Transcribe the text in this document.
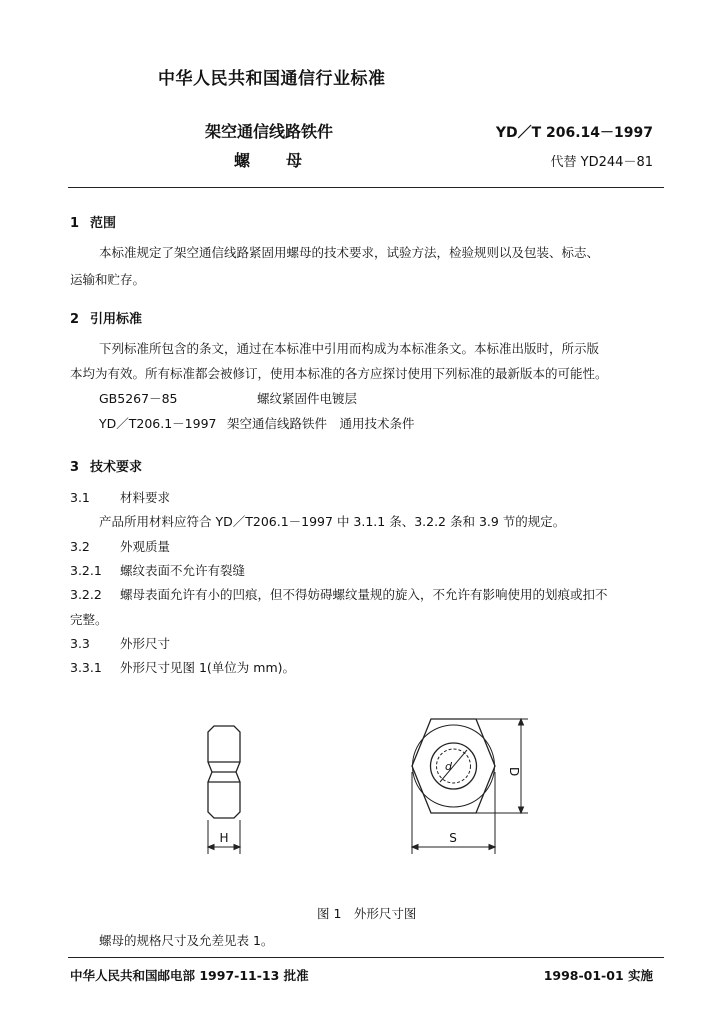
中华人民共和国通信行业标准
架空通信线路铁件
螺母
YD／T 206.14－1997
代替 YD244－81
1 范围
本标准规定了架空通信线路紧固用螺母的技术要求，试验方法，检验规则以及包装、标志、
运输和贮存。
2 引用标准
下列标准所包含的条文，通过在本标准中引用而构成为本标准条文。本标准出版时，所示版
本均为有效。所有标准都会被修订，使用本标准的各方应探讨使用下列标准的最新版本的可能性。
GB5267－85	螺纹紧固件电镀层
YD／T206.1－1997 架空通信线路铁件　通用技术条件
3 技术要求
3.1 材料要求
产品所用材料应符合 YD／T206.1－1997 中 3.1.1 条、3.2.2 条和 3.9 节的规定。
3.2 外观质量
3.2.1 螺纹表面不允许有裂缝
3.2.2 螺母表面允许有小的凹痕，但不得妨碍螺纹量规的旋入，不允许有影响使用的划痕或扣不
完整。
3.3 外形尺寸
3.3.1 外形尺寸见图 1(单位为 mm)。
H
d	D
S
图 1　外形尺寸图
螺母的规格尺寸及允差见表 1。
中华人民共和国邮电部 1997-11-13 批准	1998-01-01 实施
